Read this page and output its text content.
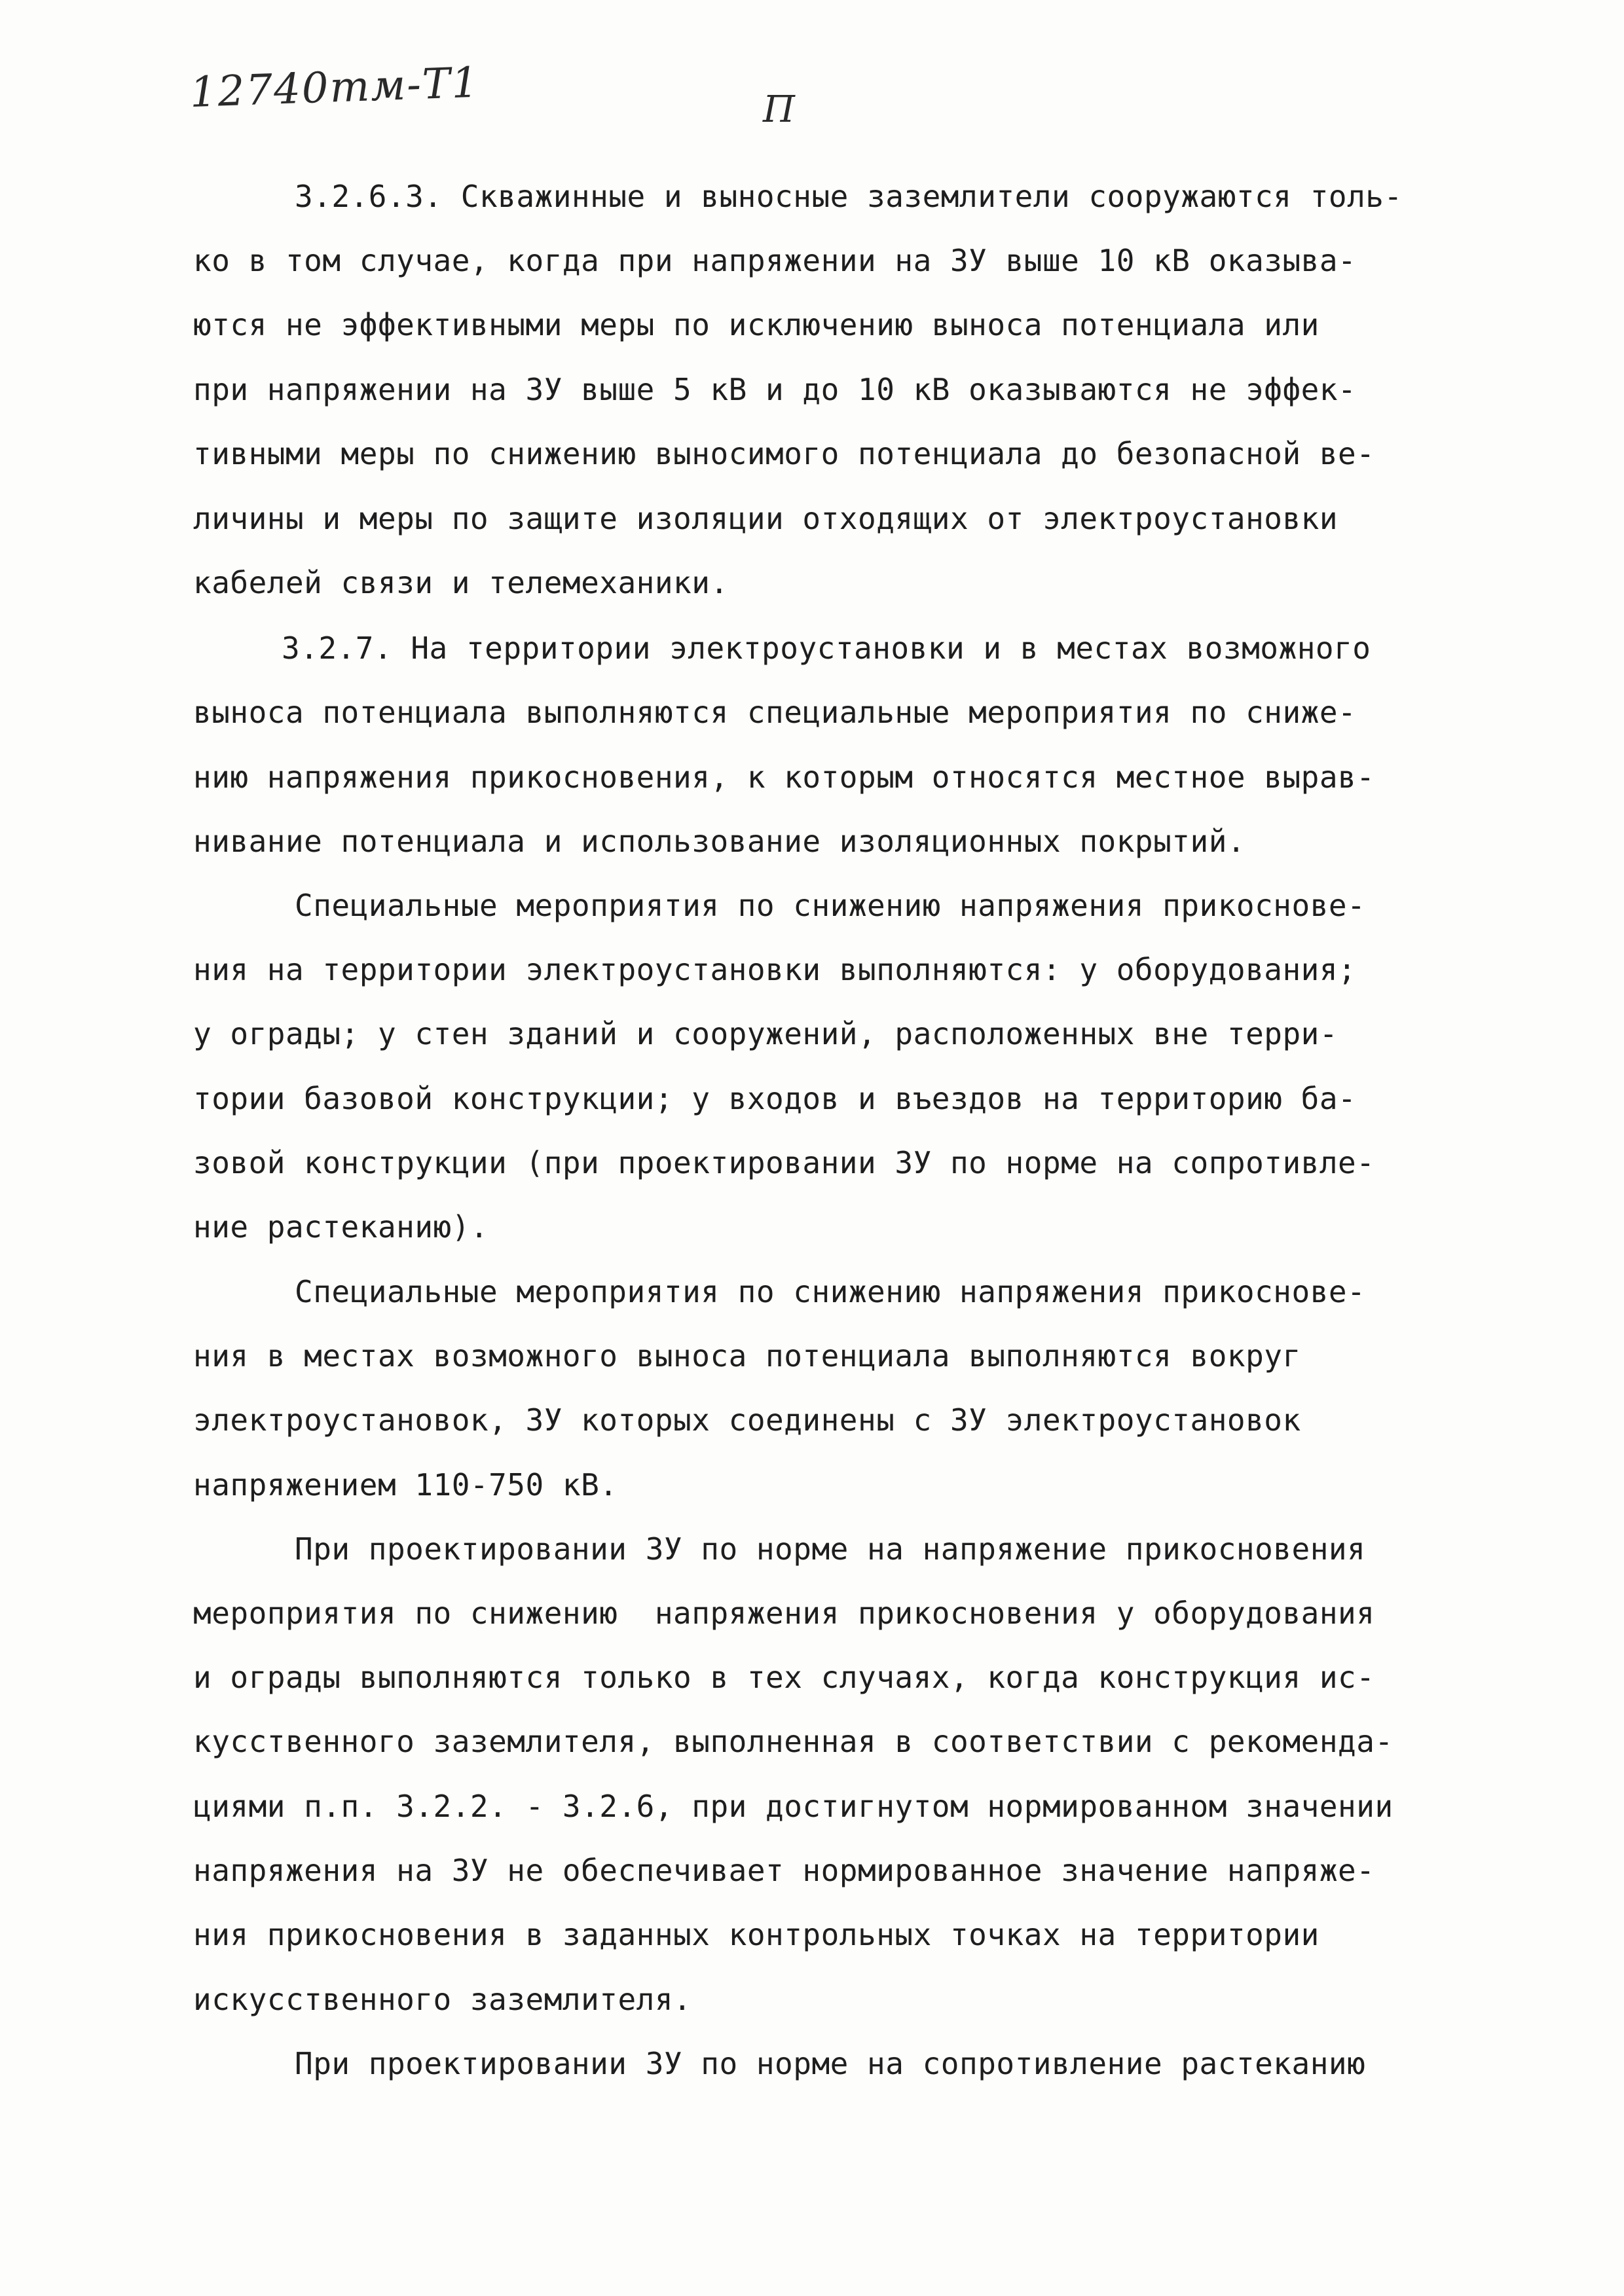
12740тм-Т1	П
3.2.6.3. Скважинные и выносные заземлители сооружаются толь-
ко в том случае, когда при напряжении на ЗУ выше 10 кВ оказыва-
ются не эффективными меры по исключению выноса потенциала или
при напряжении на ЗУ выше 5 кВ и до 10 кВ оказываются не эффек-
тивными меры по снижению выносимого потенциала до безопасной ве-
личины и меры по защите изоляции отходящих от электроустановки
кабелей связи и телемеханики.
3.2.7. На территории электроустановки и в местах возможного
выноса потенциала выполняются специальные мероприятия по сниже-
нию напряжения прикосновения, к которым относятся местное вырав-
нивание потенциала и использование изоляционных покрытий.
Специальные мероприятия по снижению напряжения прикоснове-
ния на территории электроустановки выполняются: у оборудования;
у ограды; у стен зданий и сооружений, расположенных вне терри-
тории базовой конструкции; у входов и въездов на территорию ба-
зовой конструкции (при проектировании ЗУ по норме на сопротивле-
ние растеканию).
Специальные мероприятия по снижению напряжения прикоснове-
ния в местах возможного выноса потенциала выполняются вокруг
электроустановок, ЗУ которых соединены с ЗУ электроустановок
напряжением 110-750 кВ.
При проектировании ЗУ по норме на напряжение прикосновения
мероприятия по снижению  напряжения прикосновения у оборудования
и ограды выполняются только в тех случаях, когда конструкция ис-
кусственного заземлителя, выполненная в соответствии с рекоменда-
циями п.п. 3.2.2. - 3.2.6, при достигнутом нормированном значении
напряжения на ЗУ не обеспечивает нормированное значение напряже-
ния прикосновения в заданных контрольных точках на территории
искусственного заземлителя.
При проектировании ЗУ по норме на сопротивление растеканию
